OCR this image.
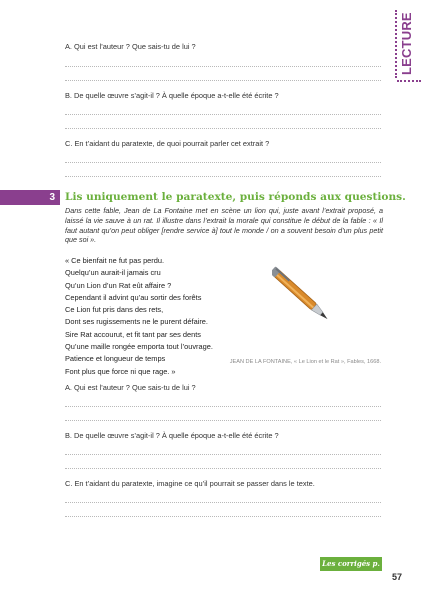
LECTURE
A. Qui est l’auteur ? Que sais-tu de lui ?
B. De quelle œuvre s’agit-il ? À quelle époque a-t-elle été écrite ?
C. En t’aidant du paratexte, de quoi pourrait parler cet extrait ?
3 Lis uniquement le paratexte, puis réponds aux questions.
Dans cette fable, Jean de La Fontaine met en scène un lion qui, juste avant l’extrait proposé, a laissé la vie sauve à un rat. Il illustre dans l’extrait la morale qui constitue le début de la fable : « Il faut autant qu’on peut obliger [rendre service à] tout le monde / on a souvent besoin d’un plus petit que soi ».
« Ce bienfait ne fut pas perdu.
Quelqu’un aurait-il jamais cru
Qu’un Lion d’un Rat eût affaire ?
Cependant il advint qu’au sortir des forêts
Ce Lion fut pris dans des rets,
Dont ses rugissements ne le purent défaire.
Sire Rat accourut, et fit tant par ses dents
Qu’une maille rongée emporta tout l’ouvrage.
Patience et longueur de temps
Font plus que force ni que rage. »
JEAN DE LA FONTAINE, « Le Lion et le Rat », Fables, 1668.
A. Qui est l’auteur ? Que sais-tu de lui ?
B. De quelle œuvre s’agit-il ? À quelle époque a-t-elle été écrite ?
C. En t’aidant du paratexte, imagine ce qu’il pourrait se passer dans le texte.
Les corrigés p. 13	57
